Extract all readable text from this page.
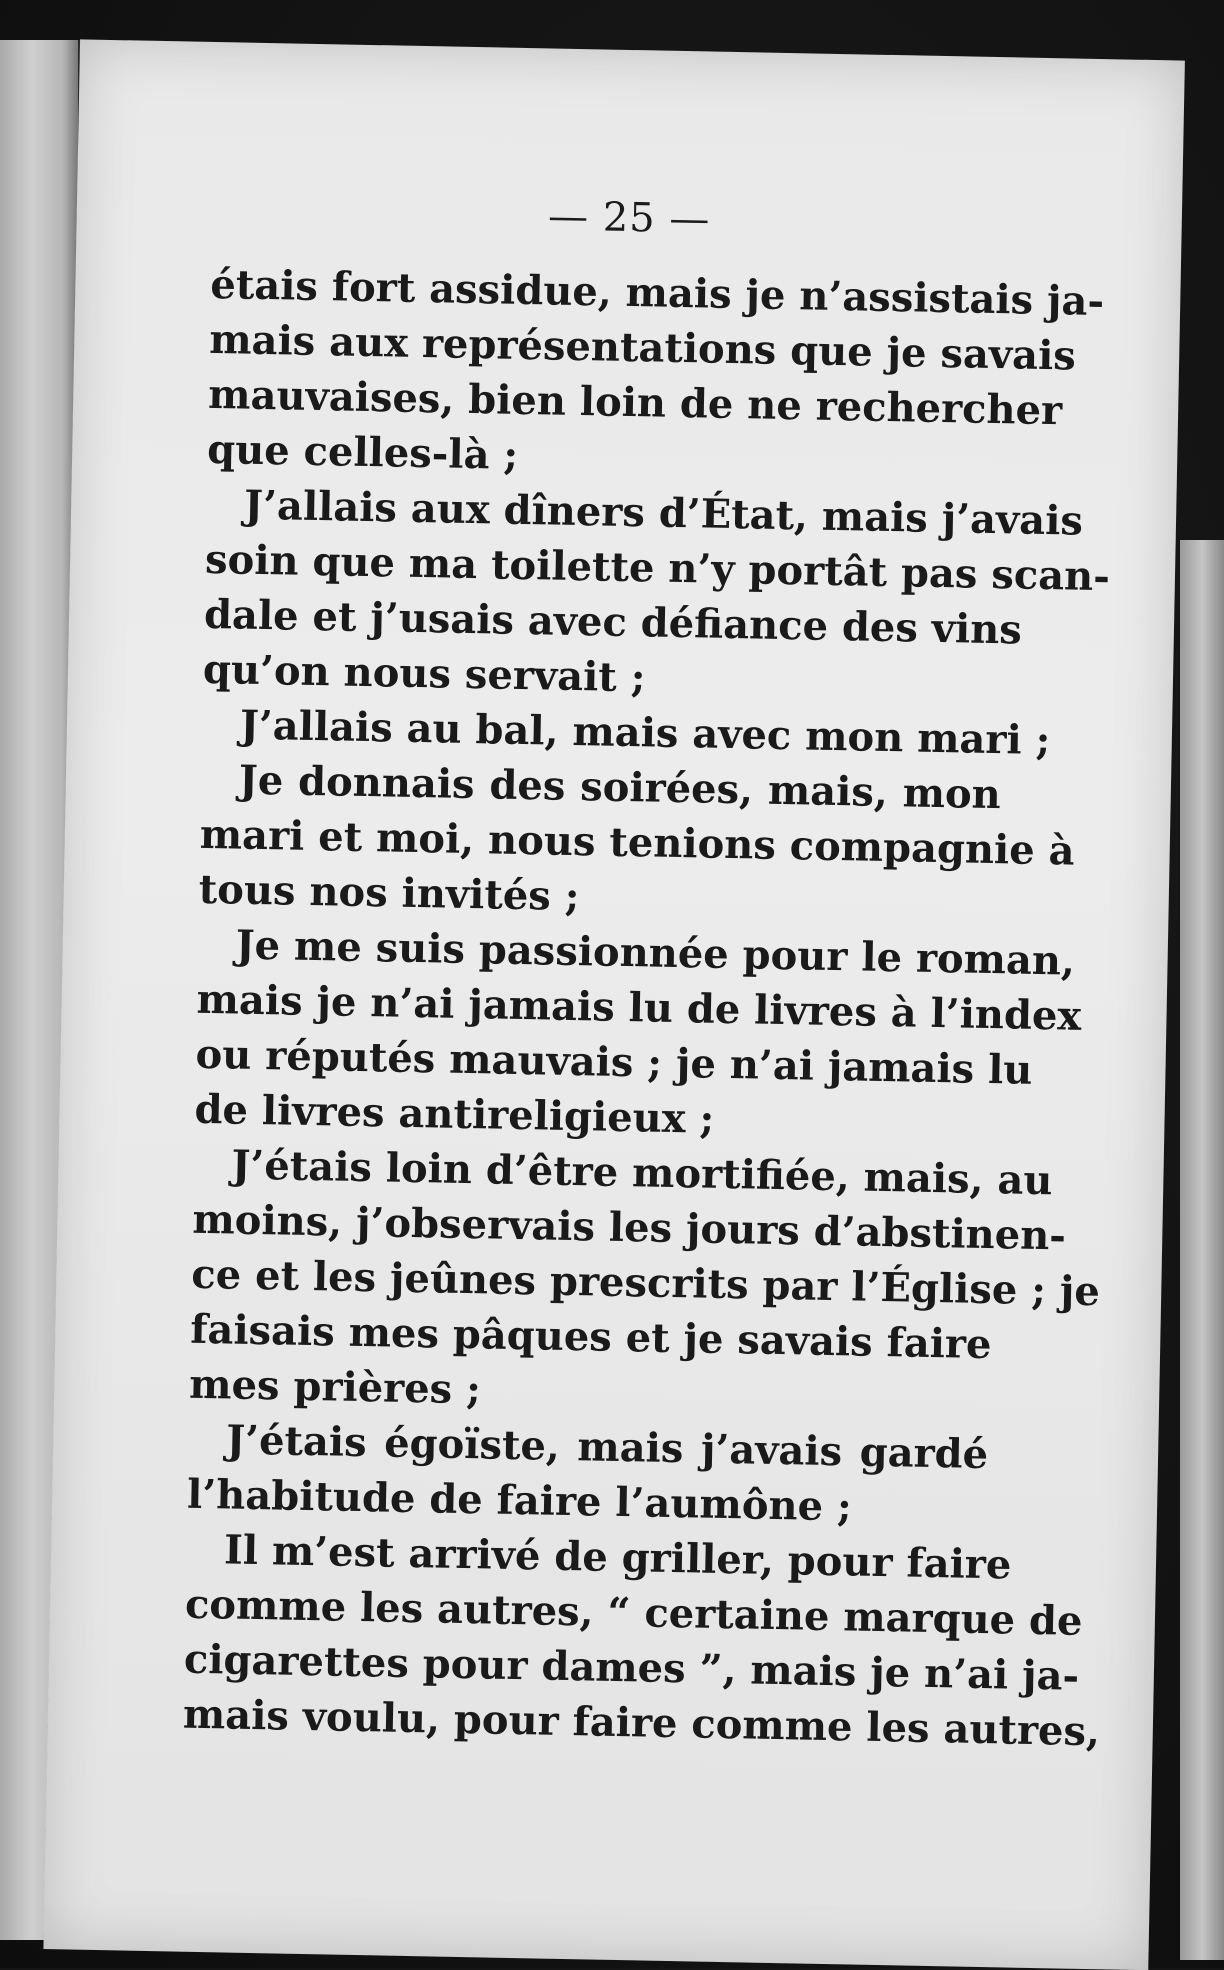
— 25 —
étais fort assidue, mais je n’assistais ja-
mais aux représentations que je savais
mauvaises, bien loin de ne rechercher
que celles-là ;
J’allais aux dîners d’État, mais j’avais
soin que ma toilette n’y portât pas scan-
dale et j’usais avec défiance des vins
qu’on nous servait ;
J’allais au bal, mais avec mon mari ;
Je donnais des soirées, mais, mon
mari et moi, nous tenions compagnie à
tous nos invités ;
Je me suis passionnée pour le roman,
mais je n’ai jamais lu de livres à l’index
ou réputés mauvais ; je n’ai jamais lu
de livres antireligieux ;
J’étais loin d’être mortifiée, mais, au
moins, j’observais les jours d’abstinen-
ce et les jeûnes prescrits par l’Église ; je
faisais mes pâques et je savais faire
mes prières ;
J’étais égoïste, mais j’avais gardé
l’habitude de faire l’aumône ;
Il m’est arrivé de griller, pour faire
comme les autres, “ certaine marque de
cigarettes pour dames ”, mais je n’ai ja-
mais voulu, pour faire comme les autres,
